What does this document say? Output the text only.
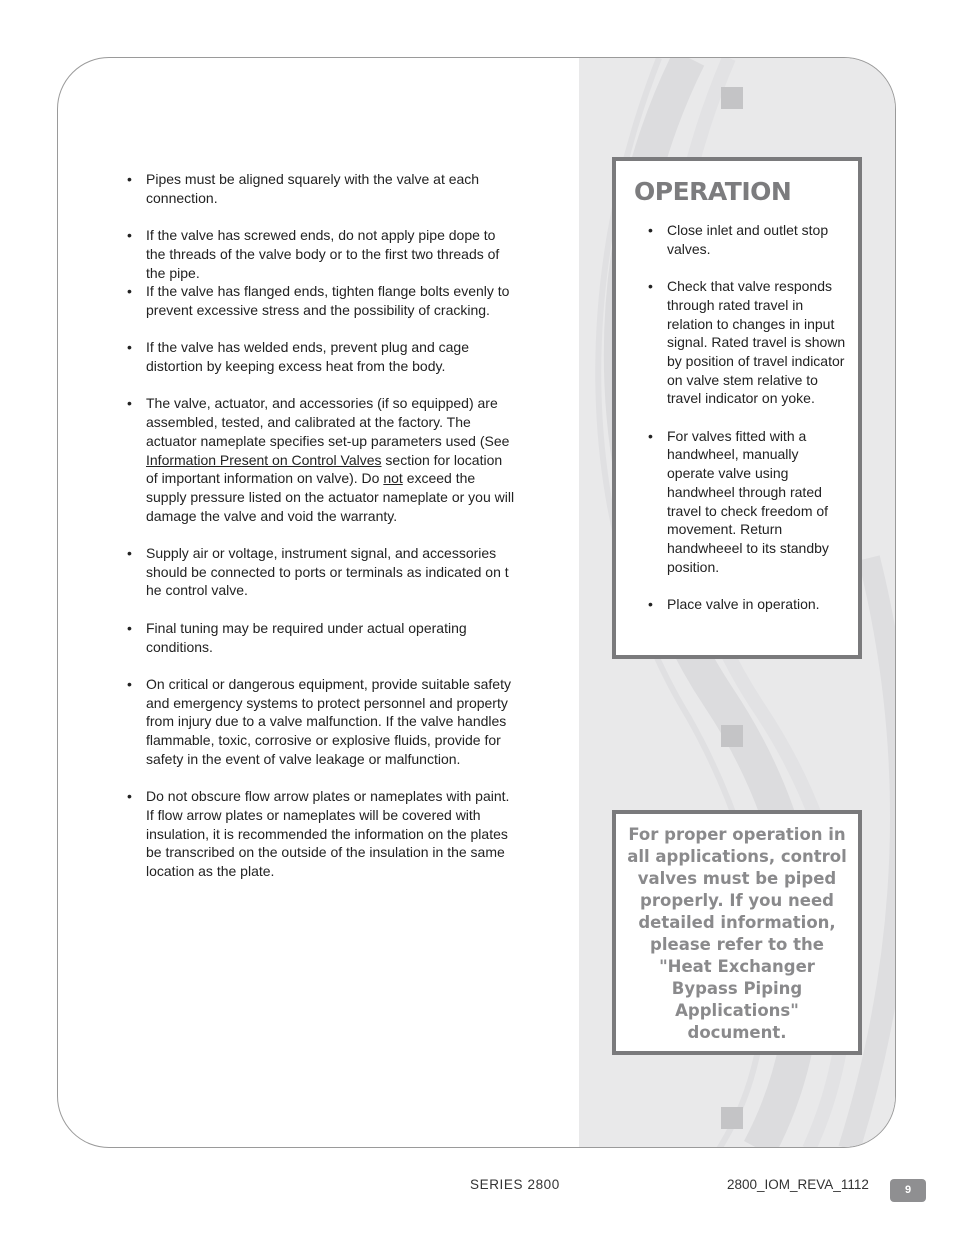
• Pipes must be aligned squarely with the valve at each connection.
• If the valve has screwed ends, do not apply pipe dope to the threads of the valve body or to the first two threads of the pipe.
• If the valve has flanged ends, tighten flange bolts evenly to prevent excessive stress and the possibility of cracking.
• If the valve has welded ends, prevent plug and cage distortion by keeping excess heat from the body.
• The valve, actuator, and accessories (if so equipped) are assembled, tested, and calibrated at the factory. The actuator nameplate specifies set-up parameters used (See Information Present on Control Valves section for location of important information on valve). Do not exceed the supply pressure listed on the actuator nameplate or you will damage the valve and void the warranty.
• Supply air or voltage, instrument signal, and accessories should be connected to ports or terminals as indicated on t he control valve.
• Final tuning may be required under actual operating conditions.
• On critical or dangerous equipment, provide suitable safety and emergency systems to protect personnel and property from injury due to a valve malfunction. If the valve handles flammable, toxic, corrosive or explosive fluids, provide for safety in the event of valve leakage or malfunction.
• Do not obscure flow arrow plates or nameplates with paint. If flow arrow plates or nameplates will be covered with insulation, it is recommended the information on the plates be transcribed on the outside of the insulation in the same location as the plate.
OPERATION
• Close inlet and outlet stop valves.
• Check that valve responds through rated travel in relation to changes in input signal. Rated travel is shown by position of travel indicator on valve stem relative to travel indicator on yoke.
• For valves fitted with a handwheel, manually operate valve using handwheel through rated travel to check freedom of movement. Return handwheeel to its standby position.
• Place valve in operation.

For proper operation in all applications, control valves must be piped properly. If you need detailed information, please refer to the "Heat Exchanger Bypass Piping Applications" document.

SERIES 2800	2800_IOM_REVA_1112	9
